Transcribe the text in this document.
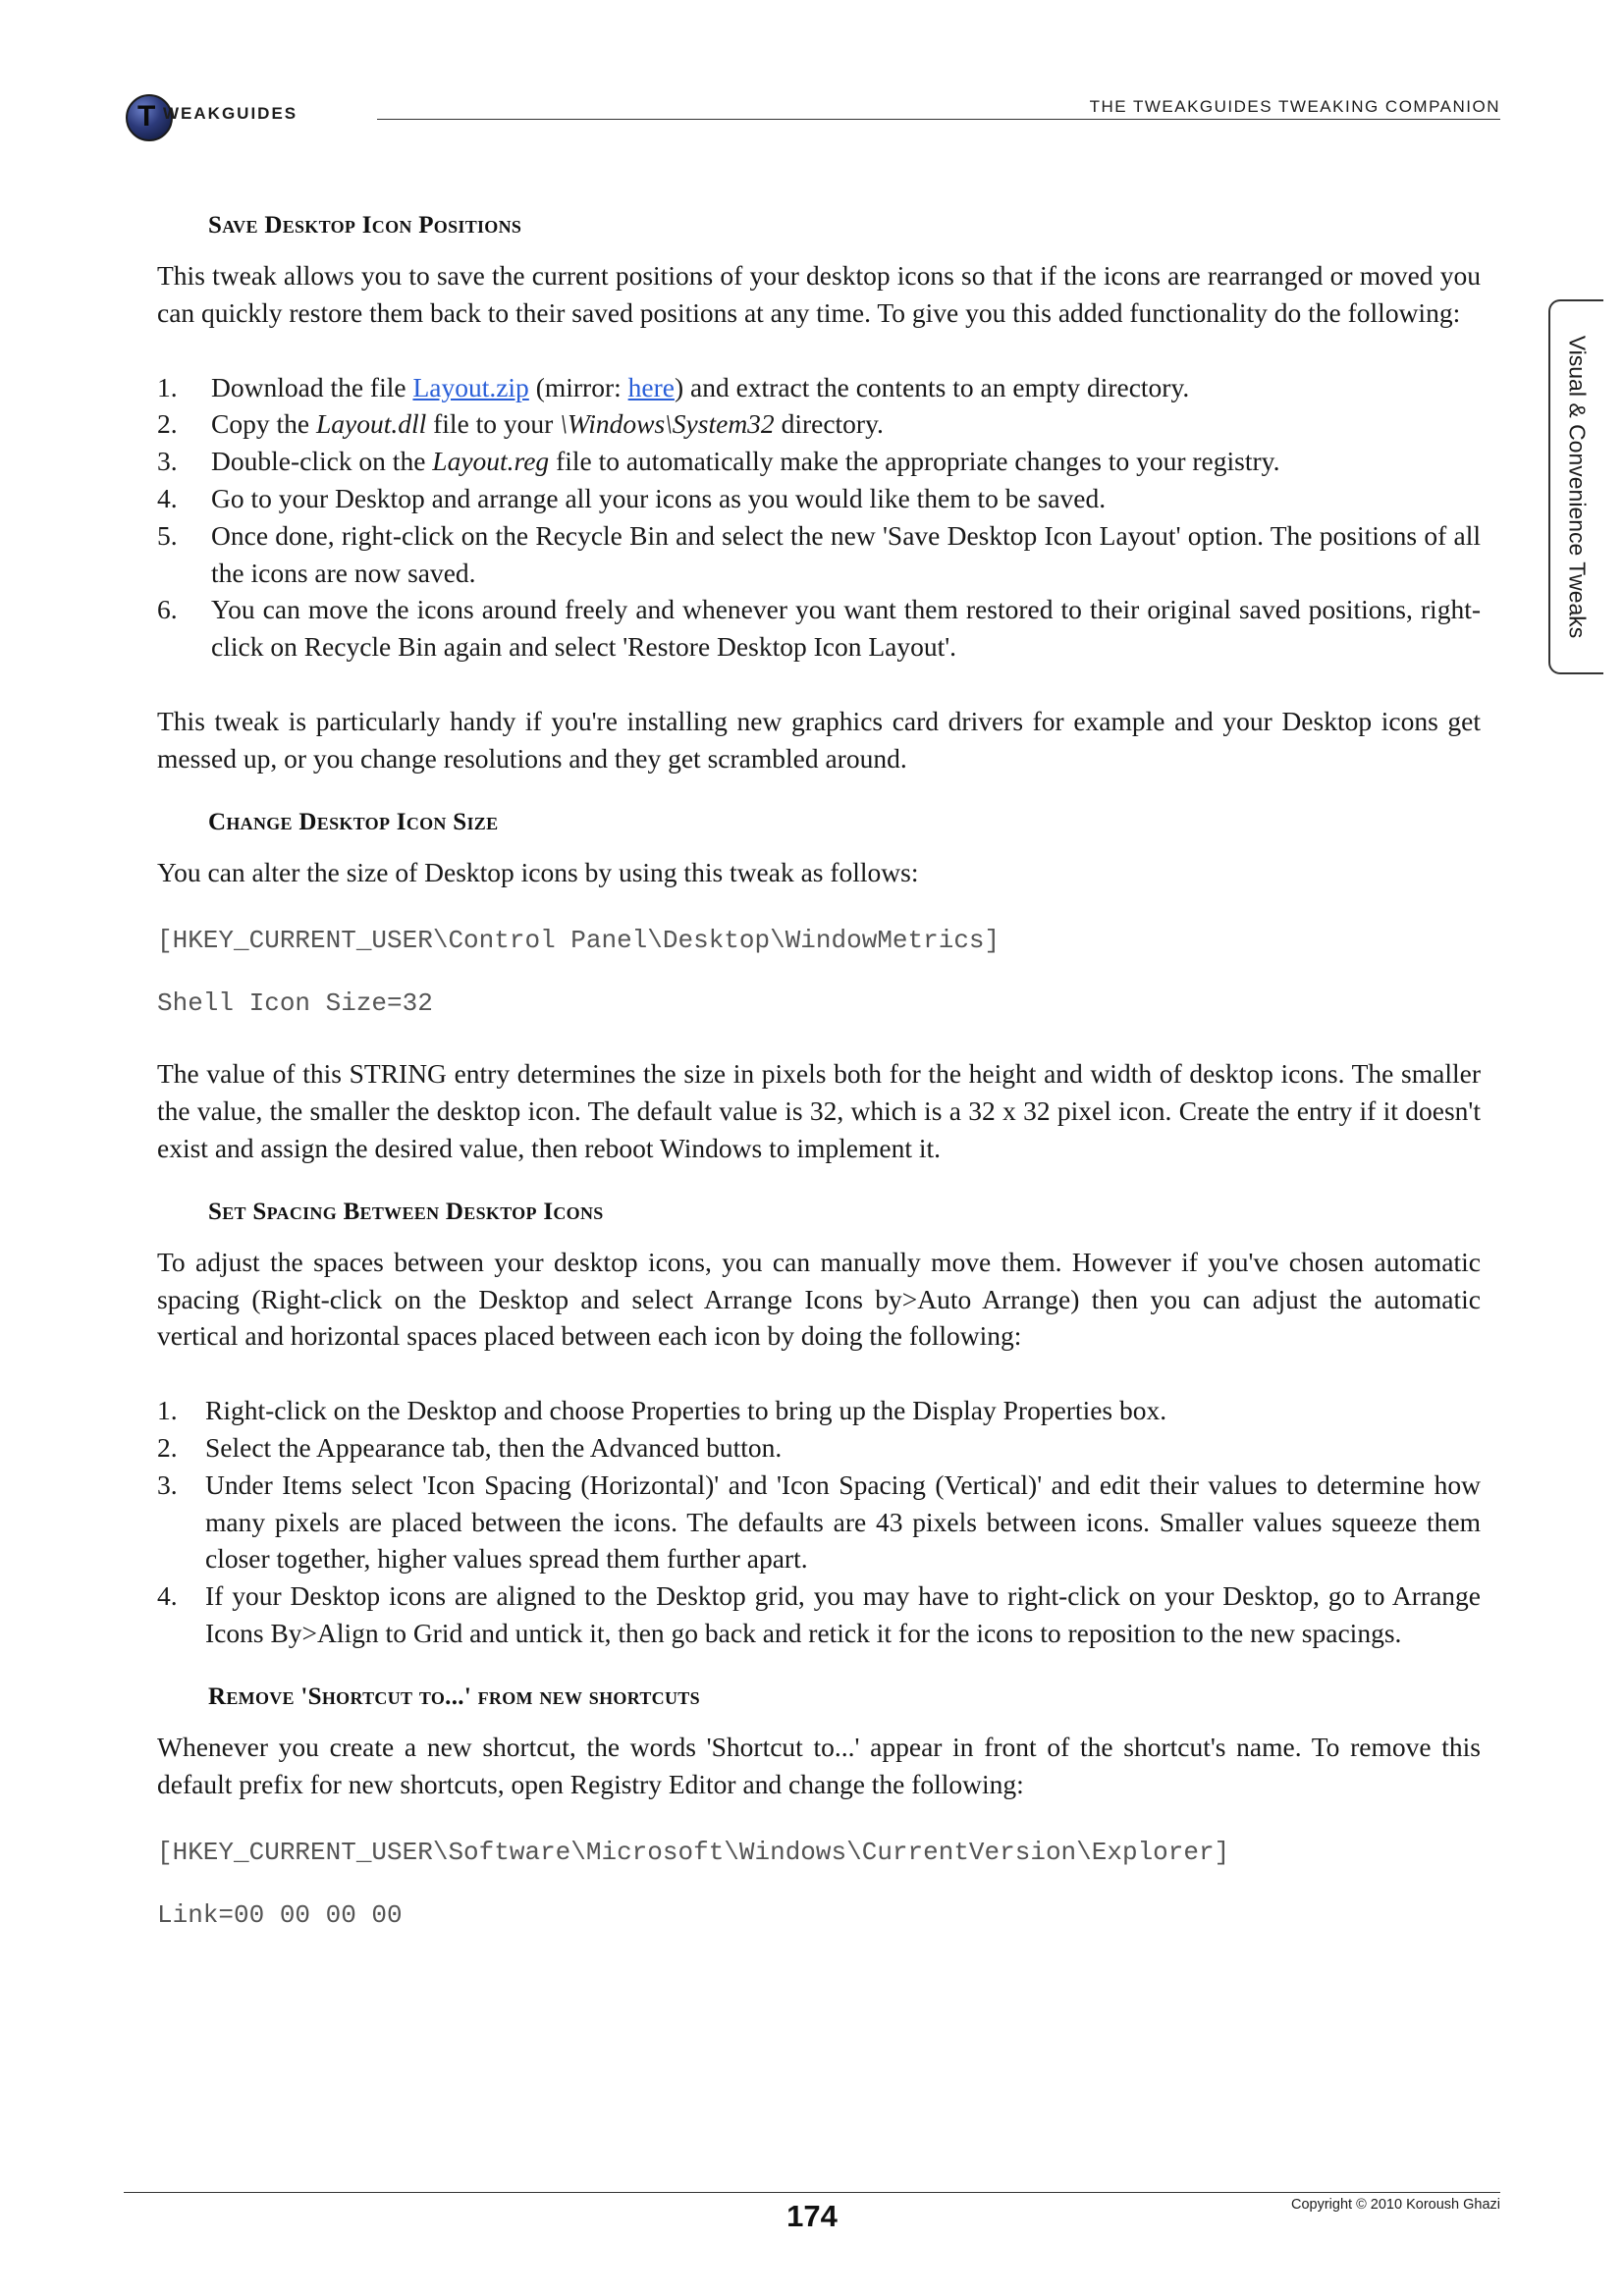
T WEAKGUIDES	THE TWEAKGUIDES TWEAKING COMPANION
Visual & Convenience Tweaks
Save Desktop Icon Positions

This tweak allows you to save the current positions of your desktop icons so that if the icons are rearranged or moved you can quickly restore them back to their saved positions at any time. To give you this added functionality do the following:

1. Download the file Layout.zip (mirror: here) and extract the contents to an empty directory.
2. Copy the Layout.dll file to your \Windows\System32 directory.
3. Double-click on the Layout.reg file to automatically make the appropriate changes to your registry.
4. Go to your Desktop and arrange all your icons as you would like them to be saved.
5. Once done, right-click on the Recycle Bin and select the new 'Save Desktop Icon Layout' option. The positions of all the icons are now saved.
6. You can move the icons around freely and whenever you want them restored to their original saved positions, right-click on Recycle Bin again and select 'Restore Desktop Icon Layout'.

This tweak is particularly handy if you're installing new graphics card drivers for example and your Desktop icons get messed up, or you change resolutions and they get scrambled around.

Change Desktop Icon Size

You can alter the size of Desktop icons by using this tweak as follows:

[HKEY_CURRENT_USER\Control Panel\Desktop\WindowMetrics]
Shell Icon Size=32

The value of this STRING entry determines the size in pixels both for the height and width of desktop icons. The smaller the value, the smaller the desktop icon. The default value is 32, which is a 32 x 32 pixel icon. Create the entry if it doesn't exist and assign the desired value, then reboot Windows to implement it.

Set Spacing Between Desktop Icons

To adjust the spaces between your desktop icons, you can manually move them. However if you've chosen automatic spacing (Right-click on the Desktop and select Arrange Icons by>Auto Arrange) then you can adjust the automatic vertical and horizontal spaces placed between each icon by doing the following:

1. Right-click on the Desktop and choose Properties to bring up the Display Properties box.
2. Select the Appearance tab, then the Advanced button.
3. Under Items select 'Icon Spacing (Horizontal)' and 'Icon Spacing (Vertical)' and edit their values to determine how many pixels are placed between the icons. The defaults are 43 pixels between icons. Smaller values squeeze them closer together, higher values spread them further apart.
4. If your Desktop icons are aligned to the Desktop grid, you may have to right-click on your Desktop, go to Arrange Icons By>Align to Grid and untick it, then go back and retick it for the icons to reposition to the new spacings.
Remove 'Shortcut to...' from new shortcuts

Whenever you create a new shortcut, the words 'Shortcut to...' appear in front of the shortcut's name. To remove this default prefix for new shortcuts, open Registry Editor and change the following:

[HKEY_CURRENT_USER\Software\Microsoft\Windows\CurrentVersion\Explorer]
Link=00 00 00 00
174	Copyright © 2010 Koroush Ghazi
